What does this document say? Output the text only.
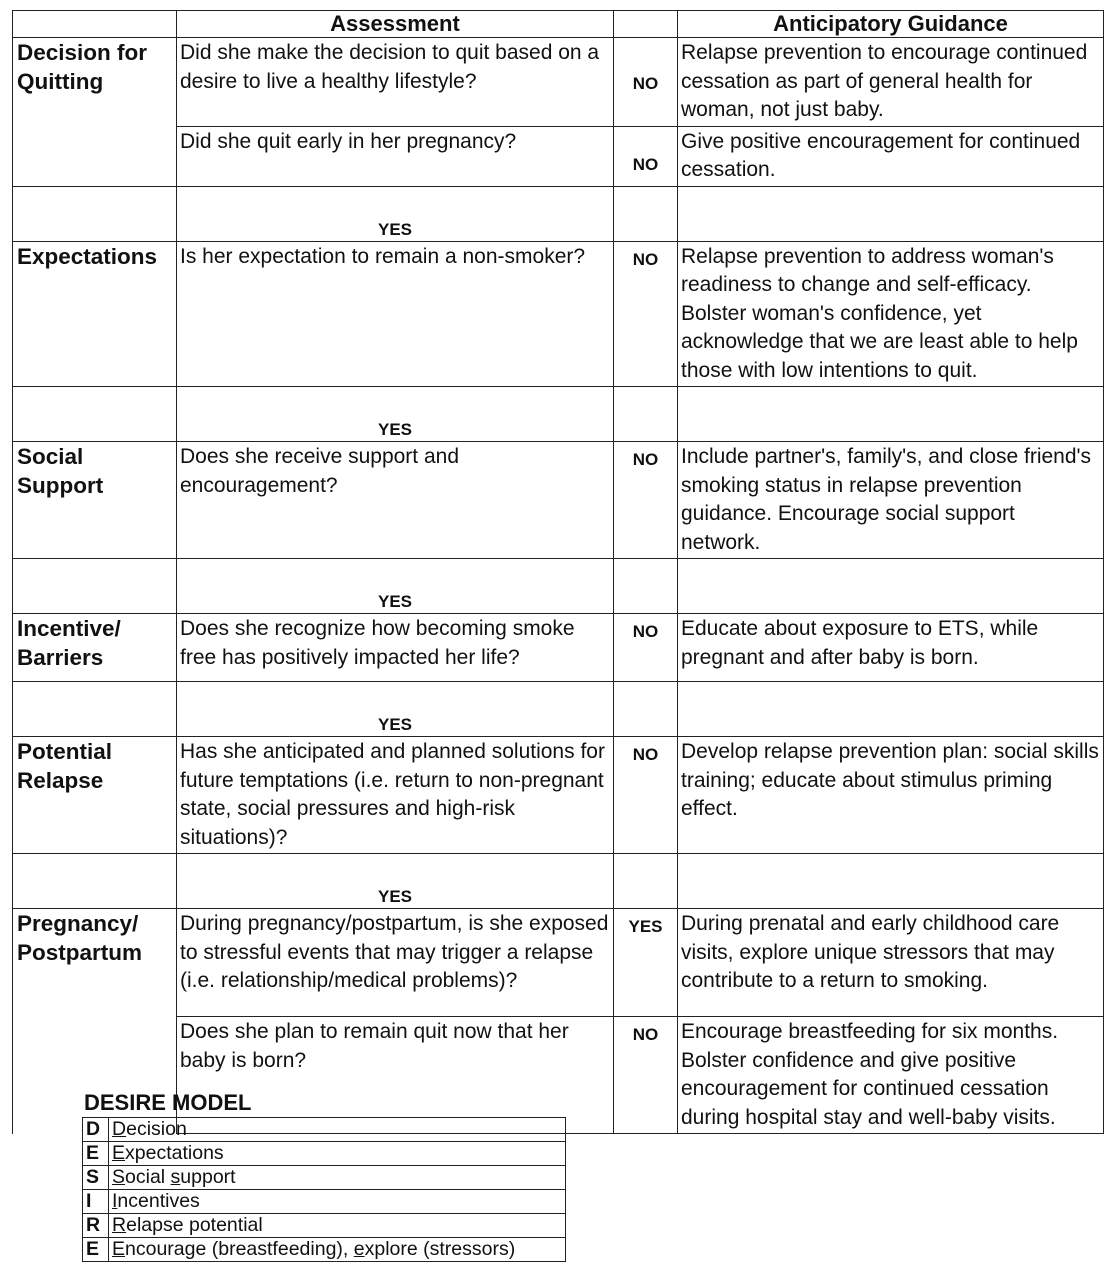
	Assessment		Anticipatory Guidance
Decision for Quitting	Did she make the decision to quit based on a desire to live a healthy lifestyle?	NO	Relapse prevention to encourage continued cessation as part of general health for woman, not just baby.
	Did she quit early in her pregnancy?	NO	Give positive encouragement for continued cessation.
	YES		
Expectations	Is her expectation to remain a non-smoker?	NO	Relapse prevention to address woman's readiness to change and self-efficacy. Bolster woman's confidence, yet acknowledge that we are least able to help those with low intentions to quit.
	YES		
Social Support	Does she receive support and encouragement?	NO	Include partner's, family's, and close friend's smoking status in relapse prevention guidance. Encourage social support network.
	YES		
Incentive/ Barriers	Does she recognize how becoming smoke free has positively impacted her life?	NO	Educate about exposure to ETS, while pregnant and after baby is born.
	YES		
Potential Relapse	Has she anticipated and planned solutions for future temptations (i.e. return to non-pregnant state, social pressures and high-risk situations)?	NO	Develop relapse prevention plan: social skills training; educate about stimulus priming effect.
	YES		
Pregnancy/ Postpartum	During pregnancy/postpartum, is she exposed to stressful events that may trigger a relapse (i.e. relationship/medical problems)?	YES	During prenatal and early childhood care visits, explore unique stressors that may contribute to a return to smoking.
	Does she plan to remain quit now that her baby is born?	NO	Encourage breastfeeding for six months. Bolster confidence and give positive encouragement for continued cessation during hospital stay and well-baby visits.
DESIRE MODEL
D	Decision
E	Expectations
S	Social support
I	Incentives
R	Relapse potential
E	Encourage (breastfeeding), explore (stressors)
